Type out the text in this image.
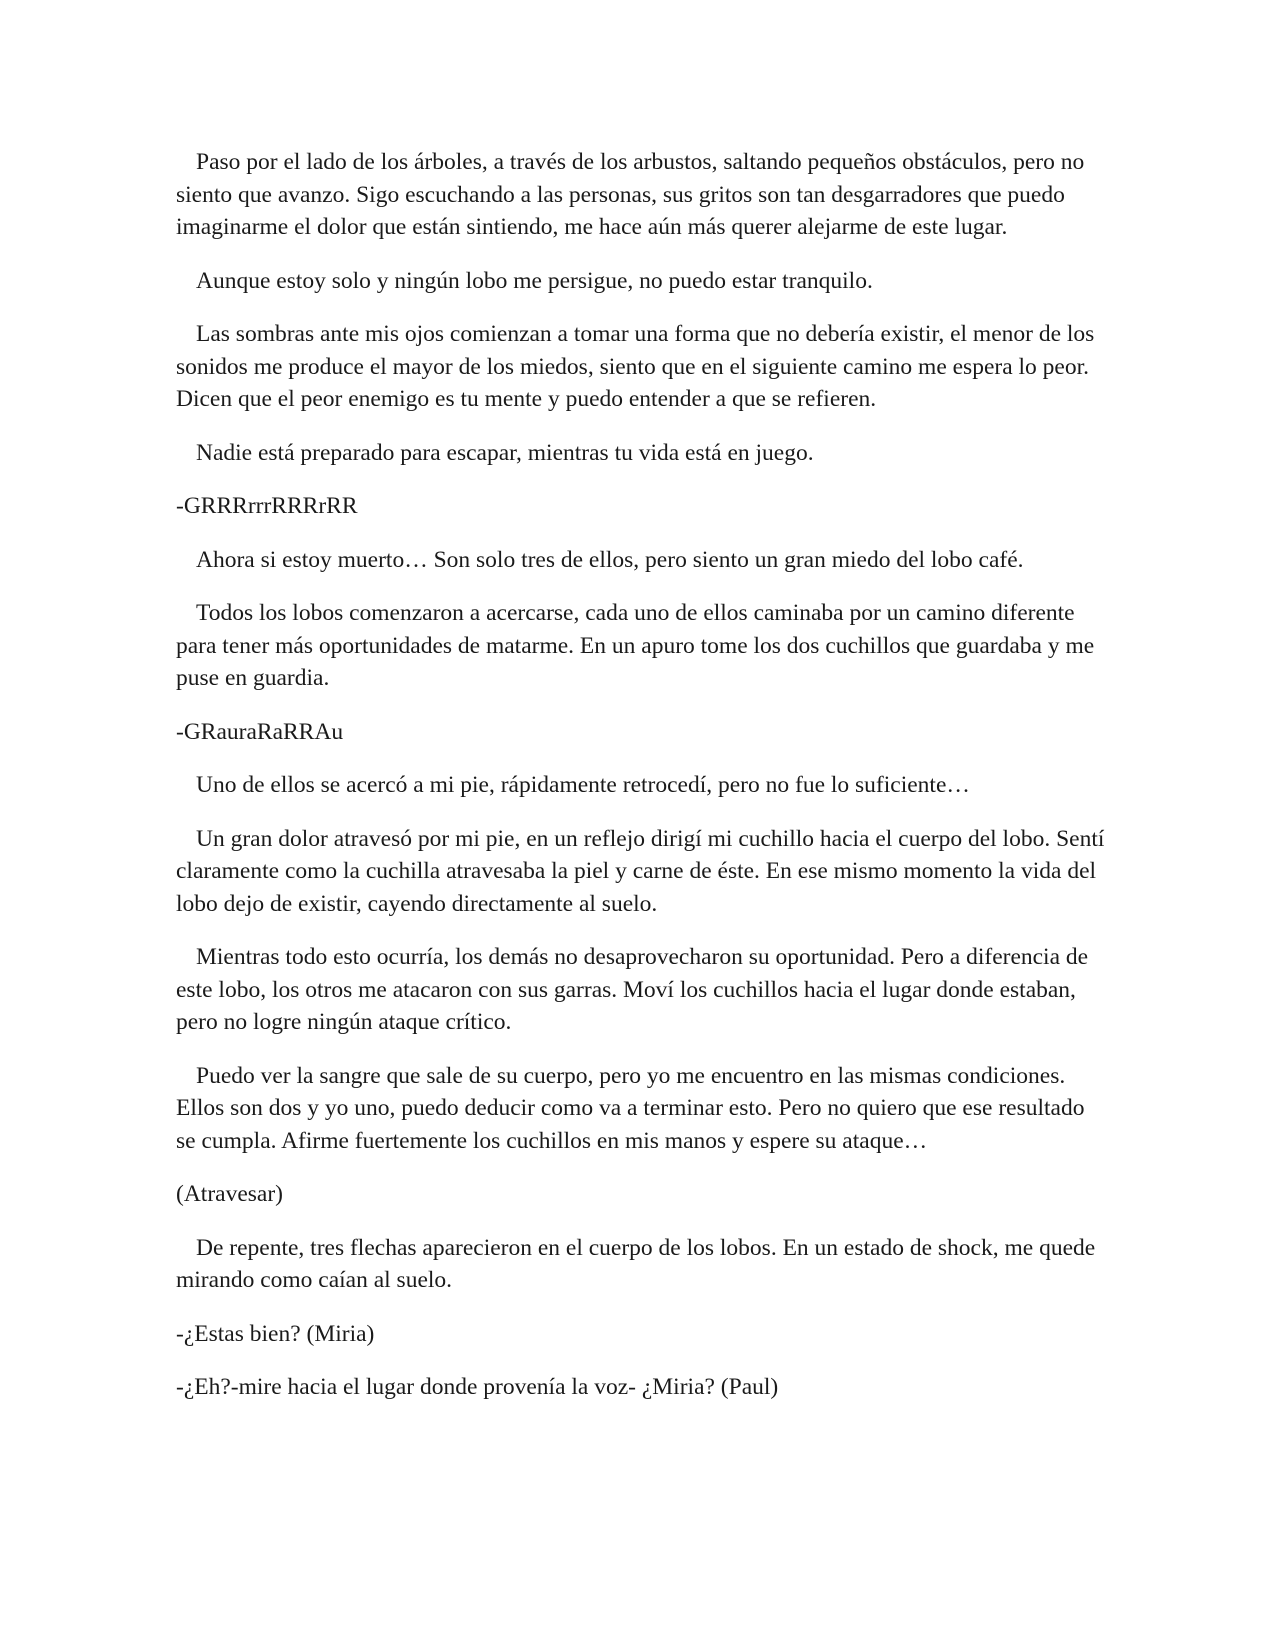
Paso por el lado de los árboles, a través de los arbustos, saltando pequeños obstáculos, pero no siento que avanzo. Sigo escuchando a las personas, sus gritos son tan desgarradores que puedo imaginarme el dolor que están sintiendo, me hace aún más querer alejarme de este lugar.

Aunque estoy solo y ningún lobo me persigue, no puedo estar tranquilo.

Las sombras ante mis ojos comienzan a tomar una forma que no debería existir, el menor de los sonidos me produce el mayor de los miedos, siento que en el siguiente camino me espera lo peor. Dicen que el peor enemigo es tu mente y puedo entender a que se refieren.

Nadie está preparado para escapar, mientras tu vida está en juego.

-GRRRrrrRRRrRR

Ahora si estoy muerto… Son solo tres de ellos, pero siento un gran miedo del lobo café.

Todos los lobos comenzaron a acercarse, cada uno de ellos caminaba por un camino diferente para tener más oportunidades de matarme. En un apuro tome los dos cuchillos que guardaba y me puse en guardia.

-GRauraRaRRAu

Uno de ellos se acercó a mi pie, rápidamente retrocedí, pero no fue lo suficiente…

Un gran dolor atravesó por mi pie, en un reflejo dirigí mi cuchillo hacia el cuerpo del lobo. Sentí claramente como la cuchilla atravesaba la piel y carne de éste. En ese mismo momento la vida del lobo dejo de existir, cayendo directamente al suelo.

Mientras todo esto ocurría, los demás no desaprovecharon su oportunidad. Pero a diferencia de este lobo, los otros me atacaron con sus garras. Moví los cuchillos hacia el lugar donde estaban, pero no logre ningún ataque crítico.

Puedo ver la sangre que sale de su cuerpo, pero yo me encuentro en las mismas condiciones. Ellos son dos y yo uno, puedo deducir como va a terminar esto. Pero no quiero que ese resultado se cumpla. Afirme fuertemente los cuchillos en mis manos y espere su ataque…

(Atravesar)

De repente, tres flechas aparecieron en el cuerpo de los lobos. En un estado de shock, me quede mirando como caían al suelo.

-¿Estas bien? (Miria)

-¿Eh?-mire hacia el lugar donde provenía la voz- ¿Miria? (Paul)
